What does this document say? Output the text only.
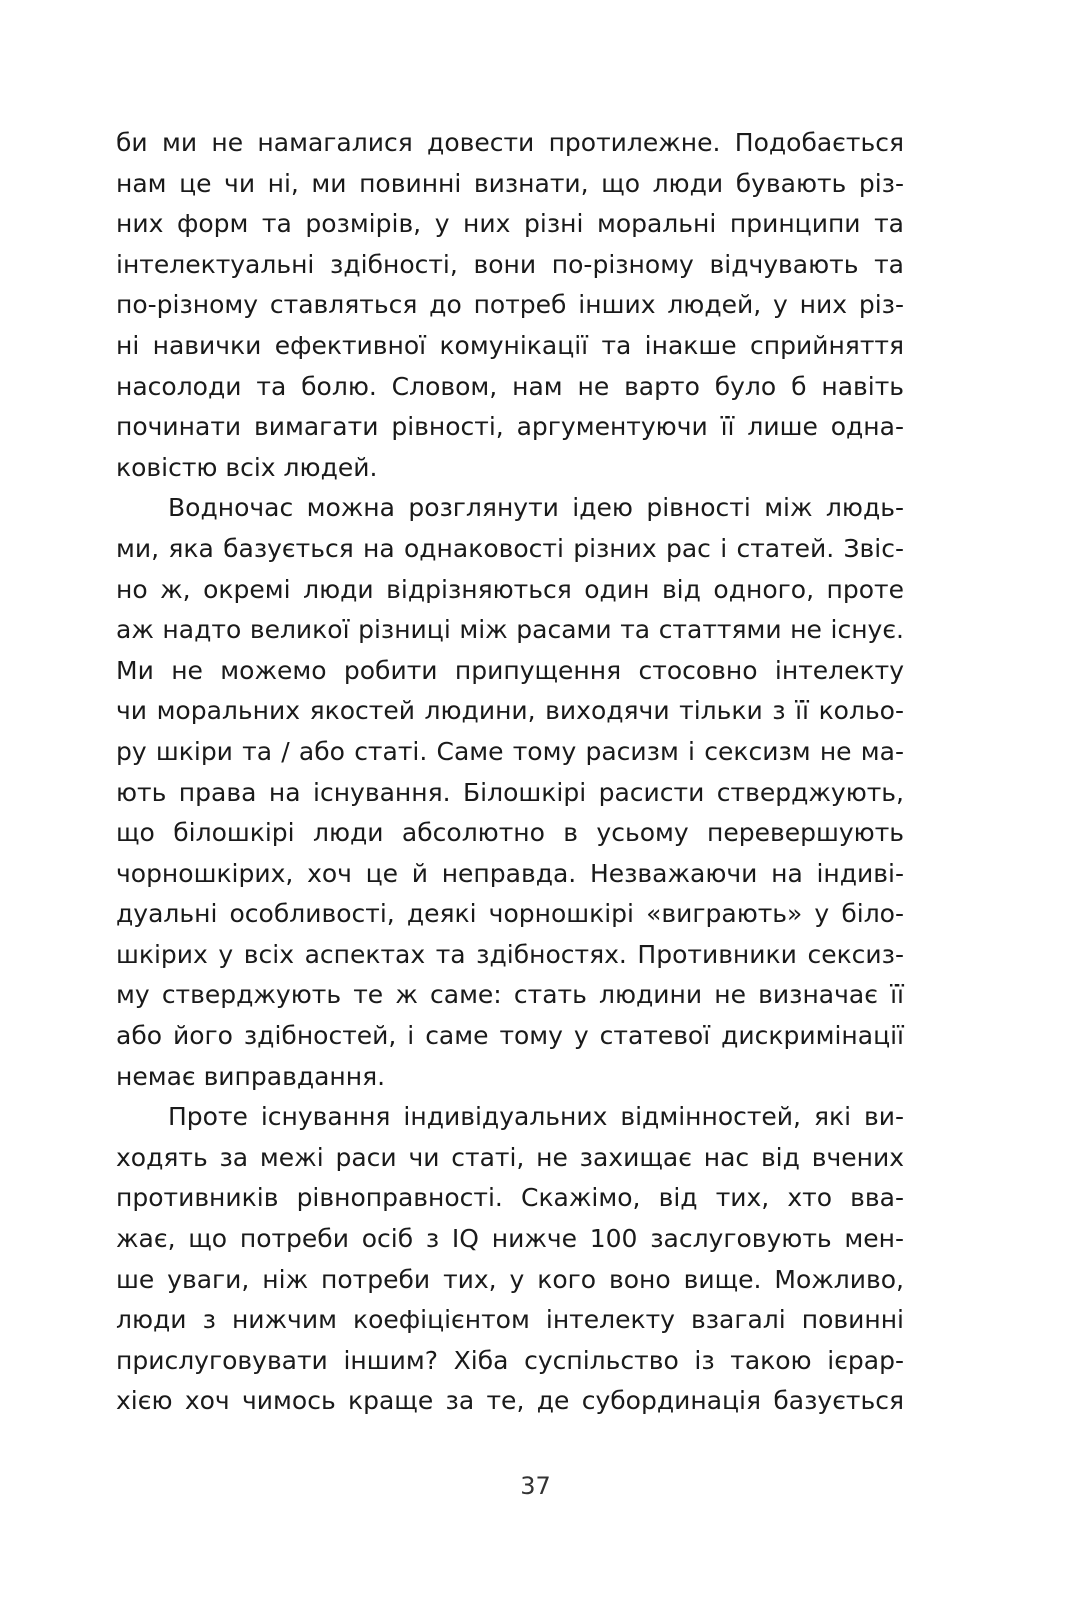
би ми не намагалися довести протилежне. Подобається
нам це чи ні, ми повинні визнати, що люди бувають різ-
них форм та розмірів, у них різні моральні принципи та
інтелектуальні здібності, вони по-різному відчувають та
по-різному ставляться до потреб інших людей, у них різ-
ні навички ефективної комунікації та інакше сприйняття
насолоди та болю. Словом, нам не варто було б навіть
починати вимагати рівності, аргументуючи її лише одна-
ковістю всіх людей.
Водночас можна розглянути ідею рівності між людь-
ми, яка базується на однаковості різних рас і статей. Звіс-
но ж, окремі люди відрізняються один від одного, проте
аж надто великої різниці між расами та статтями не існує.
Ми не можемо робити припущення стосовно інтелекту
чи моральних якостей людини, виходячи тільки з її кольо-
ру шкіри та / або статі. Саме тому расизм і сексизм не ма-
ють права на існування. Білошкірі расисти стверджують,
що білошкірі люди абсолютно в усьому перевершують
чорношкірих, хоч це й неправда. Незважаючи на індиві-
дуальні особливості, деякі чорношкірі «виграють» у біло-
шкірих у всіх аспектах та здібностях. Противники сексиз-
му стверджують те ж саме: стать людини не визначає її
або його здібностей, і саме тому у статевої дискримінації
немає виправдання.
Проте існування індивідуальних відмінностей, які ви-
ходять за межі раси чи статі, не захищає нас від вчених
противників рівноправності. Скажімо, від тих, хто вва-
жає, що потреби осіб з IQ нижче 100 заслуговують мен-
ше уваги, ніж потреби тих, у кого воно вище. Можливо,
люди з нижчим коефіцієнтом інтелекту взагалі повинні
прислуговувати іншим? Хіба суспільство із такою ієрар-
хією хоч чимось краще за те, де субординація базується
37
